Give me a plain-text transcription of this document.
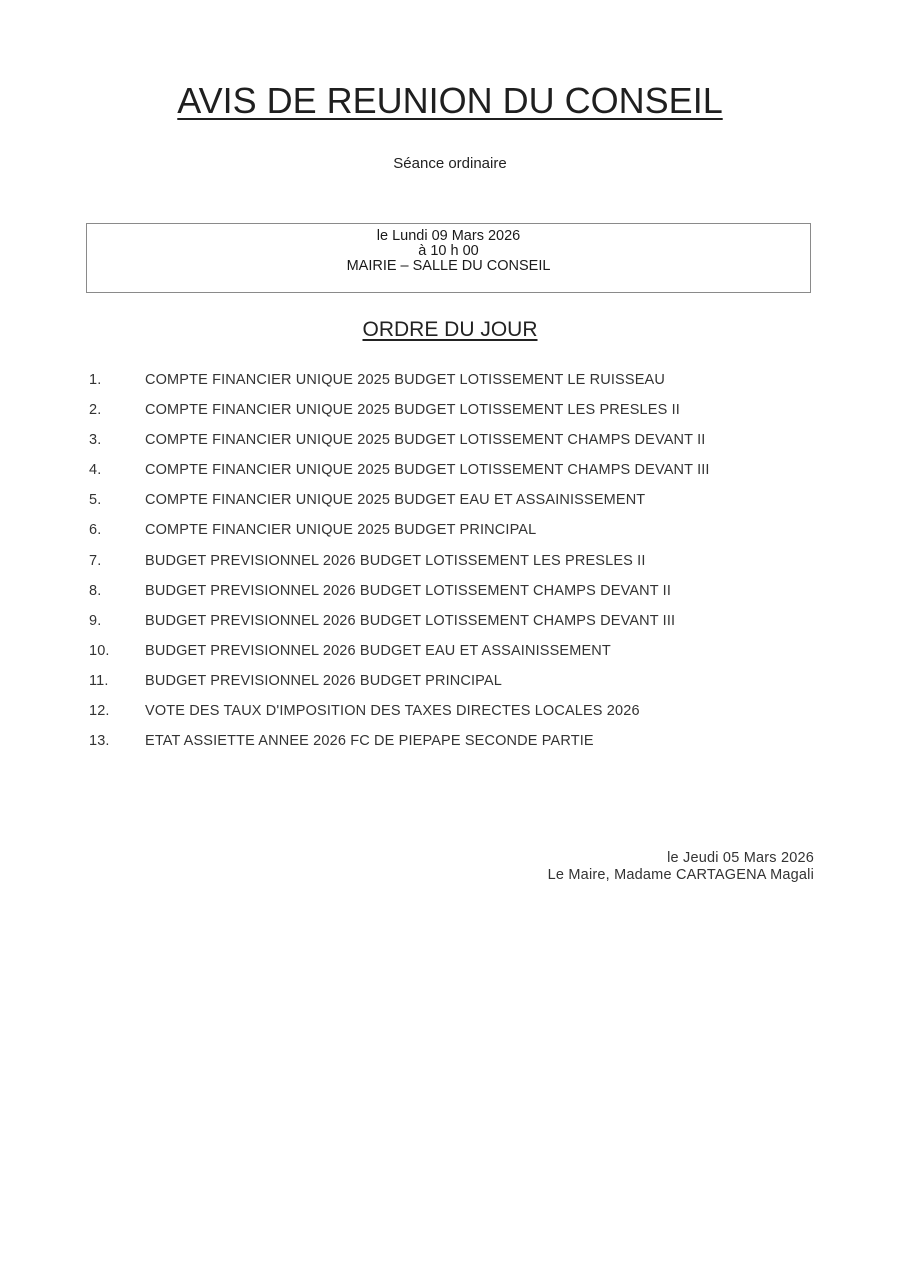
AVIS DE REUNION DU CONSEIL
Séance ordinaire
le Lundi 09 Mars 2026
à 10 h 00
MAIRIE – SALLE DU CONSEIL
ORDRE DU JOUR
1.	COMPTE FINANCIER UNIQUE 2025 BUDGET LOTISSEMENT LE RUISSEAU
2.	COMPTE FINANCIER UNIQUE 2025 BUDGET LOTISSEMENT LES PRESLES II
3.	COMPTE FINANCIER UNIQUE 2025 BUDGET LOTISSEMENT CHAMPS DEVANT II
4.	COMPTE FINANCIER UNIQUE 2025 BUDGET LOTISSEMENT CHAMPS DEVANT III
5.	COMPTE FINANCIER UNIQUE 2025 BUDGET EAU ET ASSAINISSEMENT
6.	COMPTE FINANCIER UNIQUE 2025 BUDGET PRINCIPAL
7.	BUDGET PREVISIONNEL 2026 BUDGET LOTISSEMENT LES PRESLES II
8.	BUDGET PREVISIONNEL 2026 BUDGET LOTISSEMENT CHAMPS DEVANT II
9.	BUDGET PREVISIONNEL 2026 BUDGET LOTISSEMENT CHAMPS DEVANT III
10. BUDGET PREVISIONNEL 2026 BUDGET EAU ET ASSAINISSEMENT
11.	BUDGET PREVISIONNEL 2026 BUDGET PRINCIPAL
12. VOTE DES TAUX D'IMPOSITION DES TAXES DIRECTES LOCALES 2026
13. ETAT ASSIETTE ANNEE 2026 FC DE PIEPAPE SECONDE PARTIE
le Jeudi 05 Mars 2026
Le Maire, Madame CARTAGENA Magali
